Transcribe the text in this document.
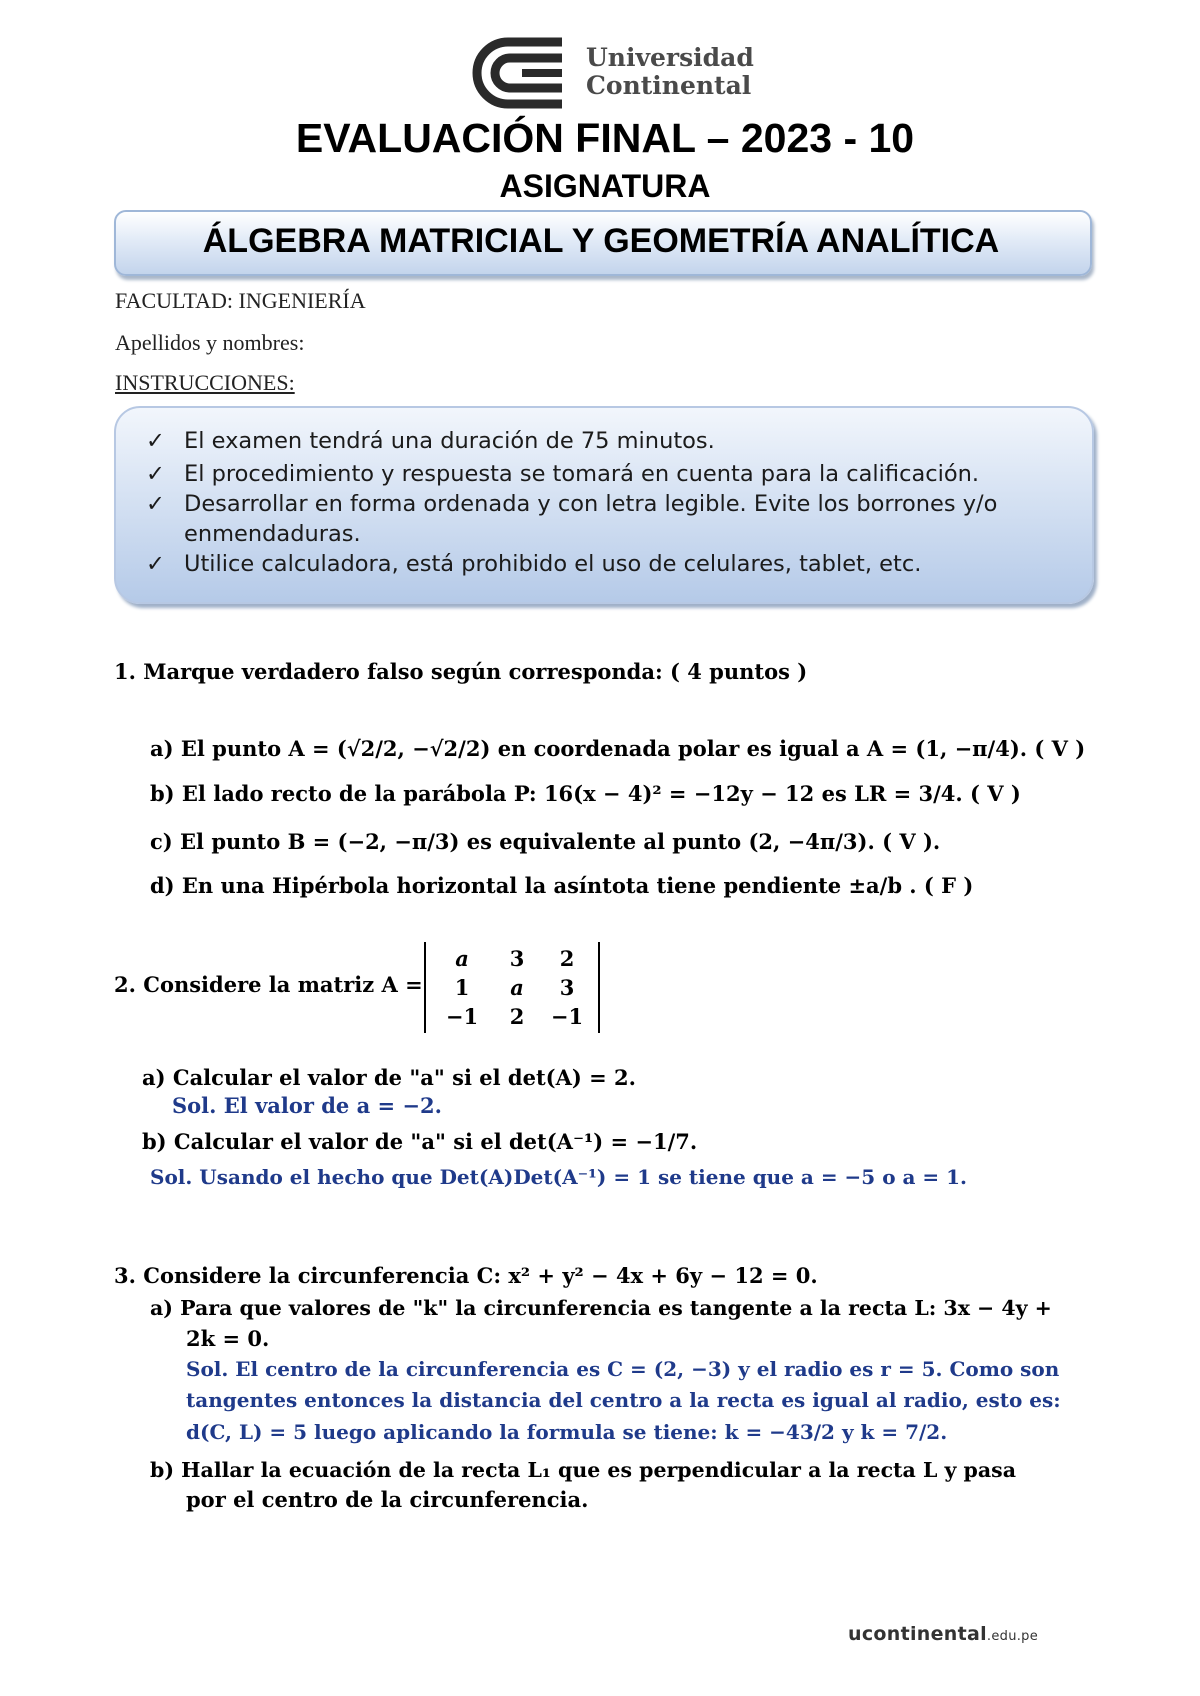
Universidad
Continental
EVALUACIÓN FINAL – 2023 - 10
ASIGNATURA
ÁLGEBRA MATRICIAL Y GEOMETRÍA ANALÍTICA
FACULTAD: INGENIERÍA
Apellidos y nombres:
INSTRUCCIONES:
✓ El examen tendrá una duración de 75 minutos.
✓ El procedimiento y respuesta se tomará en cuenta para la calificación.
✓ Desarrollar en forma ordenada y con letra legible. Evite los borrones y/o
enmendaduras.
✓ Utilice calculadora, está prohibido el uso de celulares, tablet, etc.
1. Marque verdadero falso según corresponda: ( 4 puntos )
a) El punto A = (√2/2, −√2/2) en coordenada polar es igual a A = (1, −π/4). ( V )
b) El lado recto de la parábola P: 16(x − 4)² = −12y − 12 es LR = 3/4. ( V )
c) El punto B = (−2, −π/3) es equivalente al punto (2, −4π/3). ( V ).
d) En una Hipérbola horizontal la asíntota tiene pendiente ±a/b . ( F )
2. Considere la matriz A =
a	3	2
1	a	3
−1	2	−1
a) Calcular el valor de "a" si el det(A) = 2.
Sol. El valor de a = −2.
b) Calcular el valor de "a" si el det(A⁻¹) = −1/7.
Sol. Usando el hecho que Det(A)Det(A⁻¹) = 1 se tiene que a = −5 o a = 1.
3. Considere la circunferencia C: x² + y² − 4x + 6y − 12 = 0.
a) Para que valores de "k" la circunferencia es tangente a la recta L: 3x − 4y +
2k = 0.
Sol. El centro de la circunferencia es C = (2, −3) y el radio es r = 5. Como son
tangentes entonces la distancia del centro a la recta es igual al radio, esto es:
d(C, L) = 5 luego aplicando la formula se tiene: k = −43/2 y k = 7/2.
b) Hallar la ecuación de la recta L₁ que es perpendicular a la recta L y pasa
por el centro de la circunferencia.
ucontinental.edu.pe
